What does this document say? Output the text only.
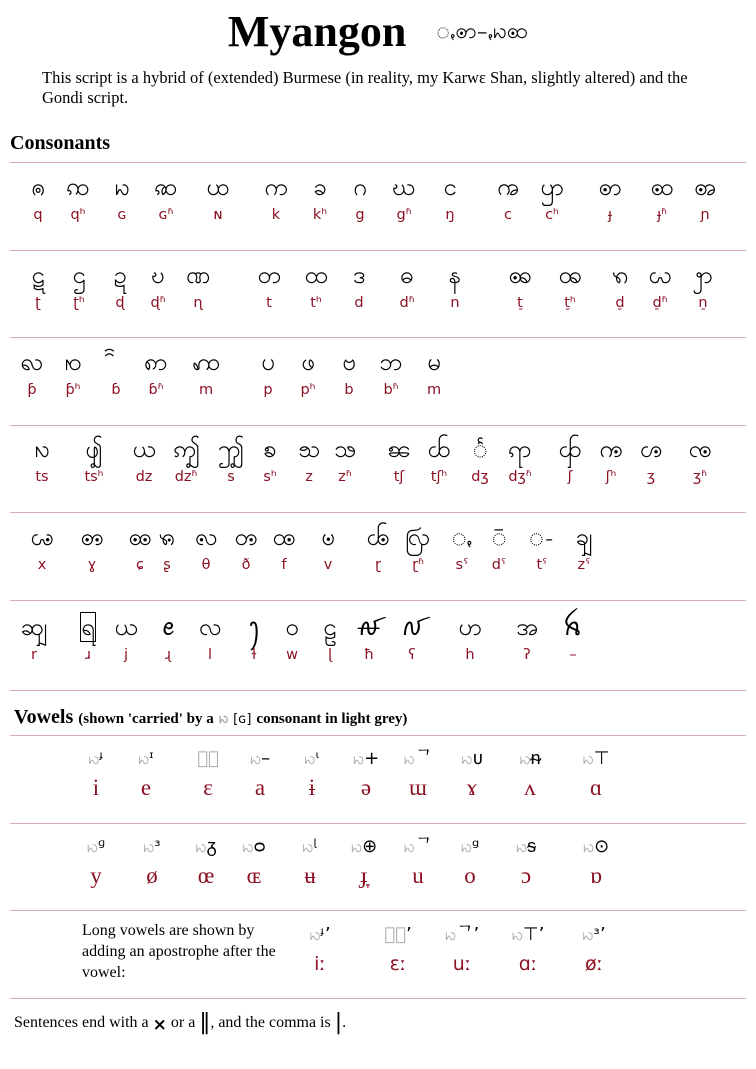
Myangon ꩻꩦ-ꩻꩢꩧ
This script is a hybrid of (extended) Burmese (in reality, my Karwɛ Shan, slightly altered) and the Gondi script.
Consonants
ၐ
q
ꩡ
qʰ
ꩢ
ɢ
ꩣ
ɢʱ
ꩤ
ɴ
က
k
ခ
kʰ
ဂ
g
ဃ
gʱ
င
ŋ
ꩠ
c
ꩥ
cʰ
ꩦ
ɟ
ꩧ
ɟʱ
ꩨ
ɲ
ဋ
ʈ
ဌ
ʈʰ
ဍ
ɖ
ဎ
ɖʱ
ဏ
ɳ
တ
t
ထ
tʰ
ဒ
d
ဓ
dʱ
န
n
ꩩ
t̠
ꩪ
t̠ʰ
ꩫ
d̠
ꩬ
d̠ʱ
ꩭ
n̠
ꩮ
ƥ
ꩯ
ƥʰ	ɓ
ꩱ
ɓʱ
ꩲ
m
ပ
p
ဖ
pʰ
ဗ
b
ဘ
bʱ
မ
m
ꩳ
ts
ꩴ
tsʰ
ယ
dz
ꩵ
dzʱ
ꩶ
s
ꧠ
sʰ
ꧡ
z
ꧢ
zʱ
ꧣ
tʃ
ꧤ
tʃʰ
ꧥ
dʒ
ꧧ
dʒʱ
ꧨ
ʃ
ꧩ
ʃʰ
ꧪ
ʒ
ꧫ
ʒʱ
ꧬ
x
ꧭ
ɣ
ꧮ
ɕ
ꧯ
ʂ
ꧺ
θ
ꧻ
ð
ꧼ
f
ꧽ
v
ꧾ
ɽ
ꩺ
ɽʱ
ꩻ
sˤ
ꩼ
dˤ
ꩽ
tˤ
ꩾ
zˤ
ꩿ
r
ရ
ɹ
ယ
j
ꫀ
ɻ
လ
l
ꫂ
ɫ
ဝ
w
ဠ
ɭ
ꫛ
ħ
ꫜ
ʕ
ဟ
h
အ
ʔ
ꫝ
–
Vowels (shown 'carried' by a ꩢ [ɢ] consonant in light grey)
ꩢᶡ
i
ꩢᶦ
e
ꩢ
ɛ
ꩢ–
a
ꩢᶥ
ɨ
ꩢ+
ə
ꩢᄀ
ɯ
ꩢᴜ
ɤ
ꩢᵰ
ʌ
ꩢ⊤
ɑ
ꩢᶢ
y
ꩢᶟ
ø
ꩢᵹ
œ
ꩢᴑ
ɶ
ꩢᶩ
ʉ
ꩢ⊕
ɟ̞
ꩢᄀ
u
ꩢᵍ
o
ꩢᵴ
ɔ
ꩢ⊙
ɒ
Long vowels are shown by adding an apostrophe after the vowel:
ꩢᶡ’
iː
ꩢᷰ’
ɛː
ꩢᄀ’
uː
ꩢ⊤’
ɑː
ꩢᶟ’
øː
Sentences end with a × or a ‖, and the comma is |.
